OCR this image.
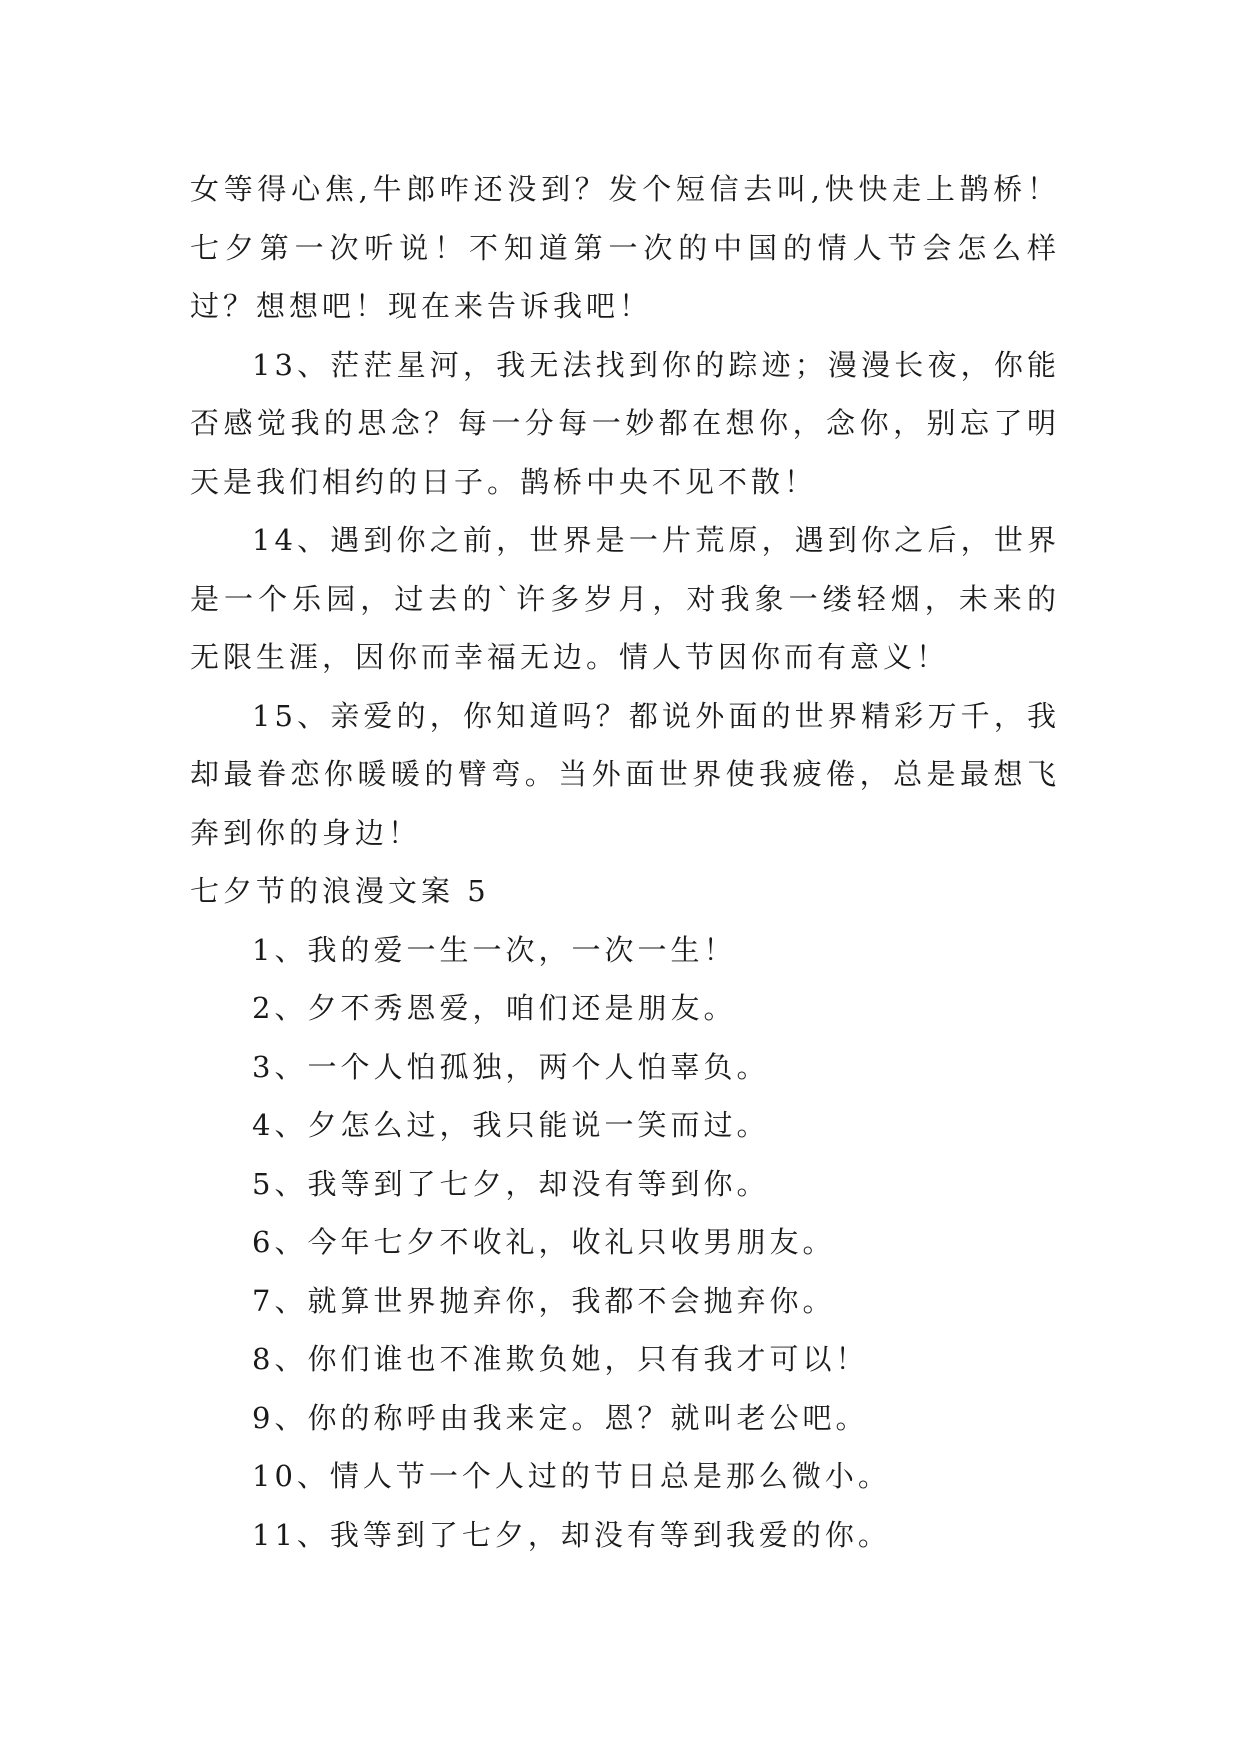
女等得心焦,牛郎咋还没到？发个短信去叫,快快走上鹊桥！七夕第一次听说！不知道第一次的中国的情人节会怎么样过？想想吧！现在来告诉我吧！

13、茫茫星河，我无法找到你的踪迹；漫漫长夜，你能否感觉我的思念？每一分每一妙都在想你，念你，别忘了明天是我们相约的日子。鹊桥中央不见不散！

14、遇到你之前，世界是一片荒原，遇到你之后，世界是一个乐园，过去的`许多岁月，对我象一缕轻烟，未来的无限生涯，因你而幸福无边。情人节因你而有意义！

15、亲爱的，你知道吗？都说外面的世界精彩万千，我却最眷恋你暖暖的臂弯。当外面世界使我疲倦，总是最想飞奔到你的身边！

七夕节的浪漫文案 5

1、我的爱一生一次，一次一生！

2、夕不秀恩爱，咱们还是朋友。

3、一个人怕孤独，两个人怕辜负。

4、夕怎么过，我只能说一笑而过。

5、我等到了七夕，却没有等到你。

6、今年七夕不收礼，收礼只收男朋友。

7、就算世界抛弃你，我都不会抛弃你。

8、你们谁也不准欺负她，只有我才可以！

9、你的称呼由我来定。恩？就叫老公吧。

10、情人节一个人过的节日总是那么微小。

11、我等到了七夕，却没有等到我爱的你。
